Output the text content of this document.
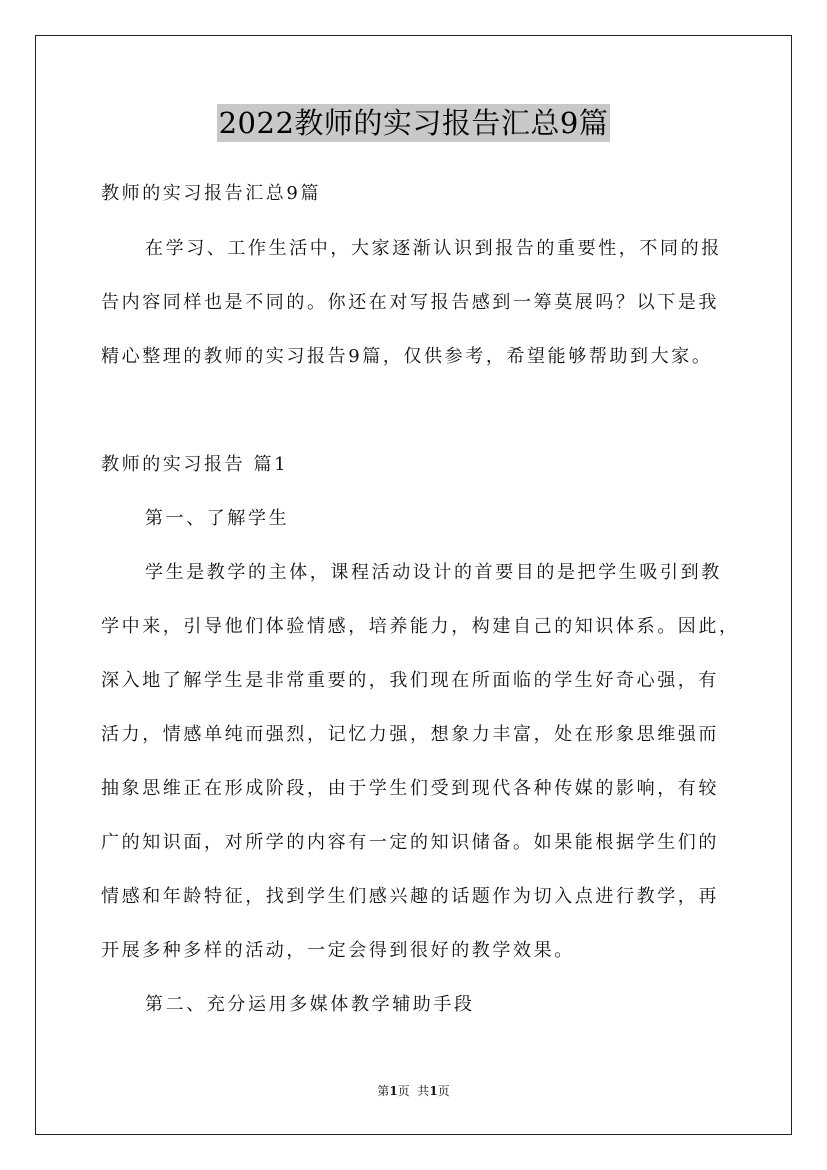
2022教师的实习报告汇总9篇
教师的实习报告汇总9篇
在学习、工作生活中，大家逐渐认识到报告的重要性，不同的报
告内容同样也是不同的。你还在对写报告感到一筹莫展吗？以下是我
精心整理的教师的实习报告9篇，仅供参考，希望能够帮助到大家。
教师的实习报告 篇1
第一、了解学生
学生是教学的主体，课程活动设计的首要目的是把学生吸引到教
学中来，引导他们体验情感，培养能力，构建自己的知识体系。因此，
深入地了解学生是非常重要的，我们现在所面临的学生好奇心强，有
活力，情感单纯而强烈，记忆力强，想象力丰富，处在形象思维强而
抽象思维正在形成阶段，由于学生们受到现代各种传媒的影响，有较
广的知识面，对所学的内容有一定的知识储备。如果能根据学生们的
情感和年龄特征，找到学生们感兴趣的话题作为切入点进行教学，再
开展多种多样的活动，一定会得到很好的教学效果。
第二、充分运用多媒体教学辅助手段
第1页  共1页
